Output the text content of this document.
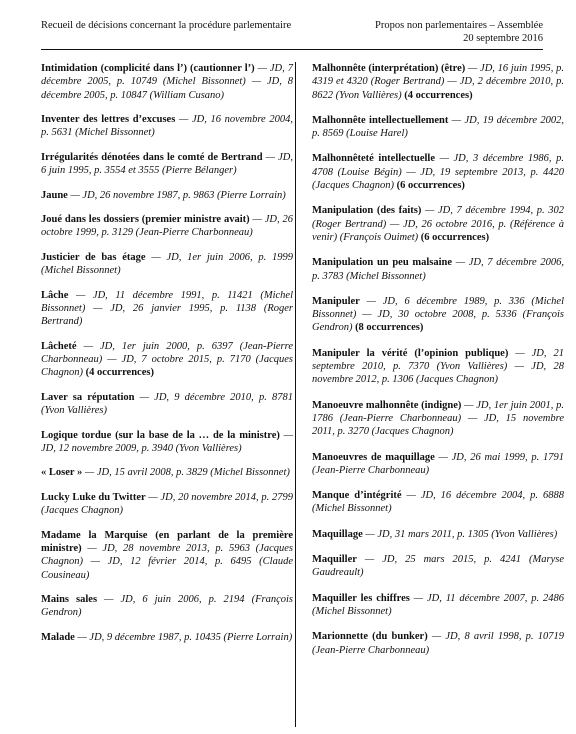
Recueil de décisions concernant la procédure parlementaire	Propos non parlementaires – Assemblée
20 septembre 2016
Intimidation (complicité dans l’) (cautionner l’) — JD, 7 décembre 2005, p. 10749 (Michel Bissonnet) — JD, 8 décembre 2005, p. 10847 (William Cusano)
Inventer des lettres d’excuses — JD, 16 novembre 2004, p. 5631 (Michel Bissonnet)
Irrégularités dénotées dans le comté de Bertrand — JD, 6 juin 1995, p. 3554 et 3555 (Pierre Bélanger)
Jaune — JD, 26 novembre 1987, p. 9863 (Pierre Lorrain)
Joué dans les dossiers (premier ministre avait) — JD, 26 octobre 1999, p. 3129 (Jean-Pierre Charbonneau)
Justicier de bas étage — JD, 1er juin 2006, p. 1999 (Michel Bissonnet)
Lâche — JD, 11 décembre 1991, p. 11421 (Michel Bissonnet) — JD, 26 janvier 1995, p. 1138 (Roger Bertrand)
Lâcheté — JD, 1er juin 2000, p. 6397 (Jean-Pierre Charbonneau) — JD, 7 octobre 2015, p. 7170 (Jacques Chagnon) (4 occurrences)
Laver sa réputation — JD, 9 décembre 2010, p. 8781 (Yvon Vallières)
Logique tordue (sur la base de la … de la ministre) — JD, 12 novembre 2009, p. 3940 (Yvon Vallières)
« Loser » — JD, 15 avril 2008, p. 3829 (Michel Bissonnet)
Lucky Luke du Twitter — JD, 20 novembre 2014, p. 2799 (Jacques Chagnon)
Madame la Marquise (en parlant de la première ministre) — JD, 28 novembre 2013, p. 5963 (Jacques Chagnon) — JD, 12 février 2014, p. 6495 (Claude Cousineau)
Mains sales — JD, 6 juin 2006, p. 2194 (François Gendron)
Malade — JD, 9 décembre 1987, p. 10435 (Pierre Lorrain)
Malhonnête (interprétation) (être) — JD, 16 juin 1995, p. 4319 et 4320 (Roger Bertrand) — JD, 2 décembre 2010, p. 8622 (Yvon Vallières) (4 occurrences)
Malhonnête intellectuellement — JD, 19 décembre 2002, p. 8569 (Louise Harel)
Malhonnêteté intellectuelle — JD, 3 décembre 1986, p. 4708 (Louise Bégin) — JD, 19 septembre 2013, p. 4420 (Jacques Chagnon) (6 occurrences)
Manipulation (des faits) — JD, 7 décembre 1994, p. 302 (Roger Bertrand) — JD, 26 octobre 2016, p. (Référence à venir) (François Ouimet) (6 occurrences)
Manipulation un peu malsaine — JD, 7 décembre 2006, p. 3783 (Michel Bissonnet)
Manipuler — JD, 6 décembre 1989, p. 336 (Michel Bissonnet) — JD, 30 octobre 2008, p. 5336 (François Gendron) (8 occurrences)
Manipuler la vérité (l’opinion publique) — JD, 21 septembre 2010, p. 7370 (Yvon Vallières) — JD, 28 novembre 2012, p. 1306 (Jacques Chagnon)
Manoeuvre malhonnête (indigne) — JD, 1er juin 2001, p. 1786 (Jean-Pierre Charbonneau) — JD, 15 novembre 2011, p. 3270 (Jacques Chagnon)
Manoeuvres de maquillage — JD, 26 mai 1999, p. 1791 (Jean-Pierre Charbonneau)
Manque d’intégrité — JD, 16 décembre 2004, p. 6888 (Michel Bissonnet)
Maquillage — JD, 31 mars 2011, p. 1305 (Yvon Vallières)
Maquiller — JD, 25 mars 2015, p. 4241 (Maryse Gaudreault)
Maquiller les chiffres — JD, 11 décembre 2007, p. 2486 (Michel Bissonnet)
Marionnette (du bunker) — JD, 8 avril 1998, p. 10719 (Jean-Pierre Charbonneau)
